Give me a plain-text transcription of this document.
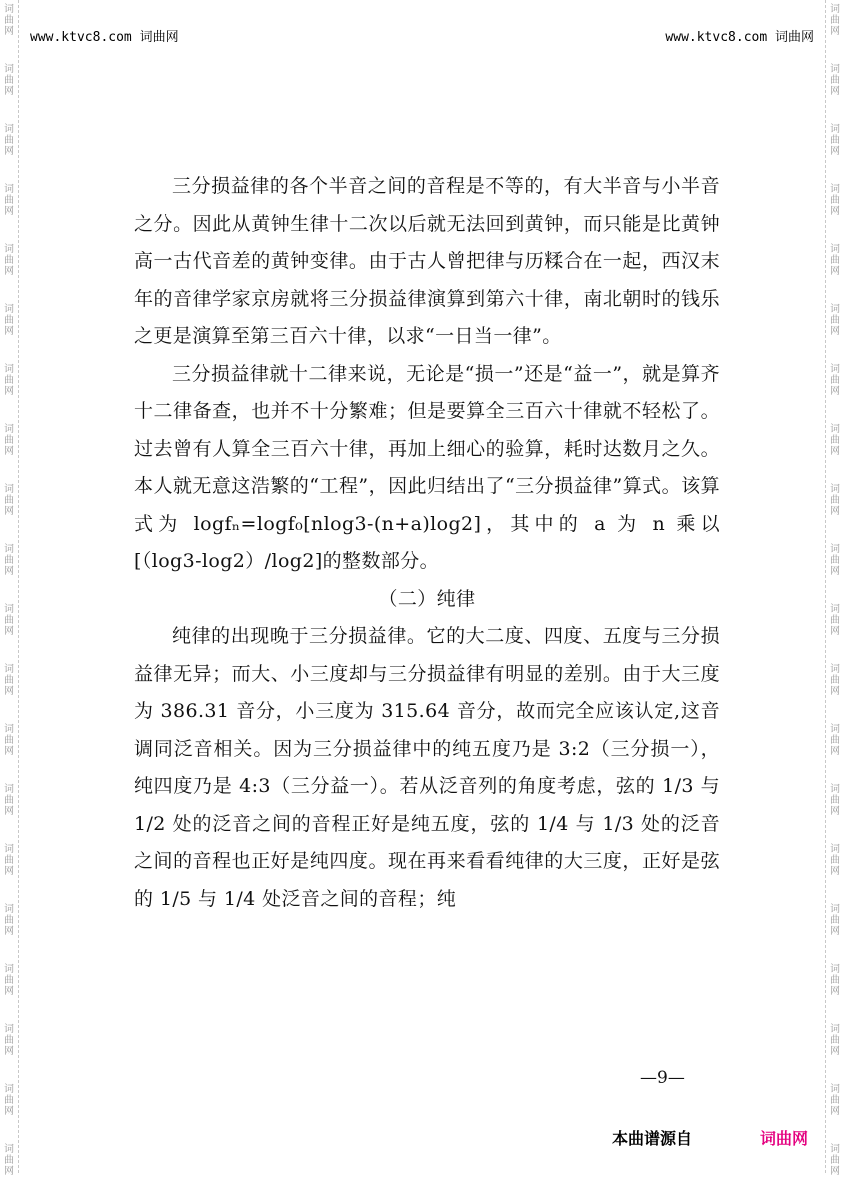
词
曲
网
词
曲
网
词
曲
网
词
曲
网
词
曲
网
词
曲
网
词
曲
网
词
曲
网
词
曲
网
词
曲
网
词
曲
网
词
曲
网
词
曲
网
词
曲
网
词
曲
网
词
曲
网
词
曲
网
词
曲
网
词
曲
网
词
曲
网
词
曲
网
词
曲
网
词
曲
网
词
曲
网
词
曲
网
词
曲
网
词
曲
网
词
曲
网
词
曲
网
词
曲
网
词
曲
网
词
曲
网
词
曲
网
词
曲
网
词
曲
网
词
曲
网
词
曲
网
词
曲
网
词
曲
网
词
曲
网
www.ktvc8.com 词曲网	www.ktvc8.com 词曲网

三分损益律的各个半音之间的音程是不等的，有大半音与小半音之分。因此从黄钟生律十二次以后就无法回到黄钟，而只能是比黄钟高一古代音差的黄钟变律。由于古人曾把律与历糅合在一起，西汉末年的音律学家京房就将三分损益律演算到第六十律，南北朝时的钱乐之更是演算至第三百六十律，以求“一日当一律”。

三分损益律就十二律来说，无论是“损一”还是“益一”，就是算齐十二律备查，也并不十分繁难；但是要算全三百六十律就不轻松了。过去曾有人算全三百六十律，再加上细心的验算，耗时达数月之久。本人就无意这浩繁的“工程”，因此归结出了“三分损益律”算式。该算式为 logfₙ=logf₀[nlog3-(n+a)log2]，其中的 a 为 n 乘以[（log3-log2）/log2]的整数部分。

（二）纯律

纯律的出现晚于三分损益律。它的大二度、四度、五度与三分损益律无异；而大、小三度却与三分损益律有明显的差别。由于大三度为 386.31 音分，小三度为 315.64 音分，故而完全应该认定,这音调同泛音相关。因为三分损益律中的纯五度乃是 3:2（三分损一），纯四度乃是 4:3（三分益一）。若从泛音列的角度考虑，弦的 1/3 与 1/2 处的泛音之间的音程正好是纯五度，弦的 1/4 与 1/3 处的泛音之间的音程也正好是纯四度。现在再来看看纯律的大三度，正好是弦的 1/5 与 1/4 处泛音之间的音程；纯

—9—
本曲谱源自	词曲网
